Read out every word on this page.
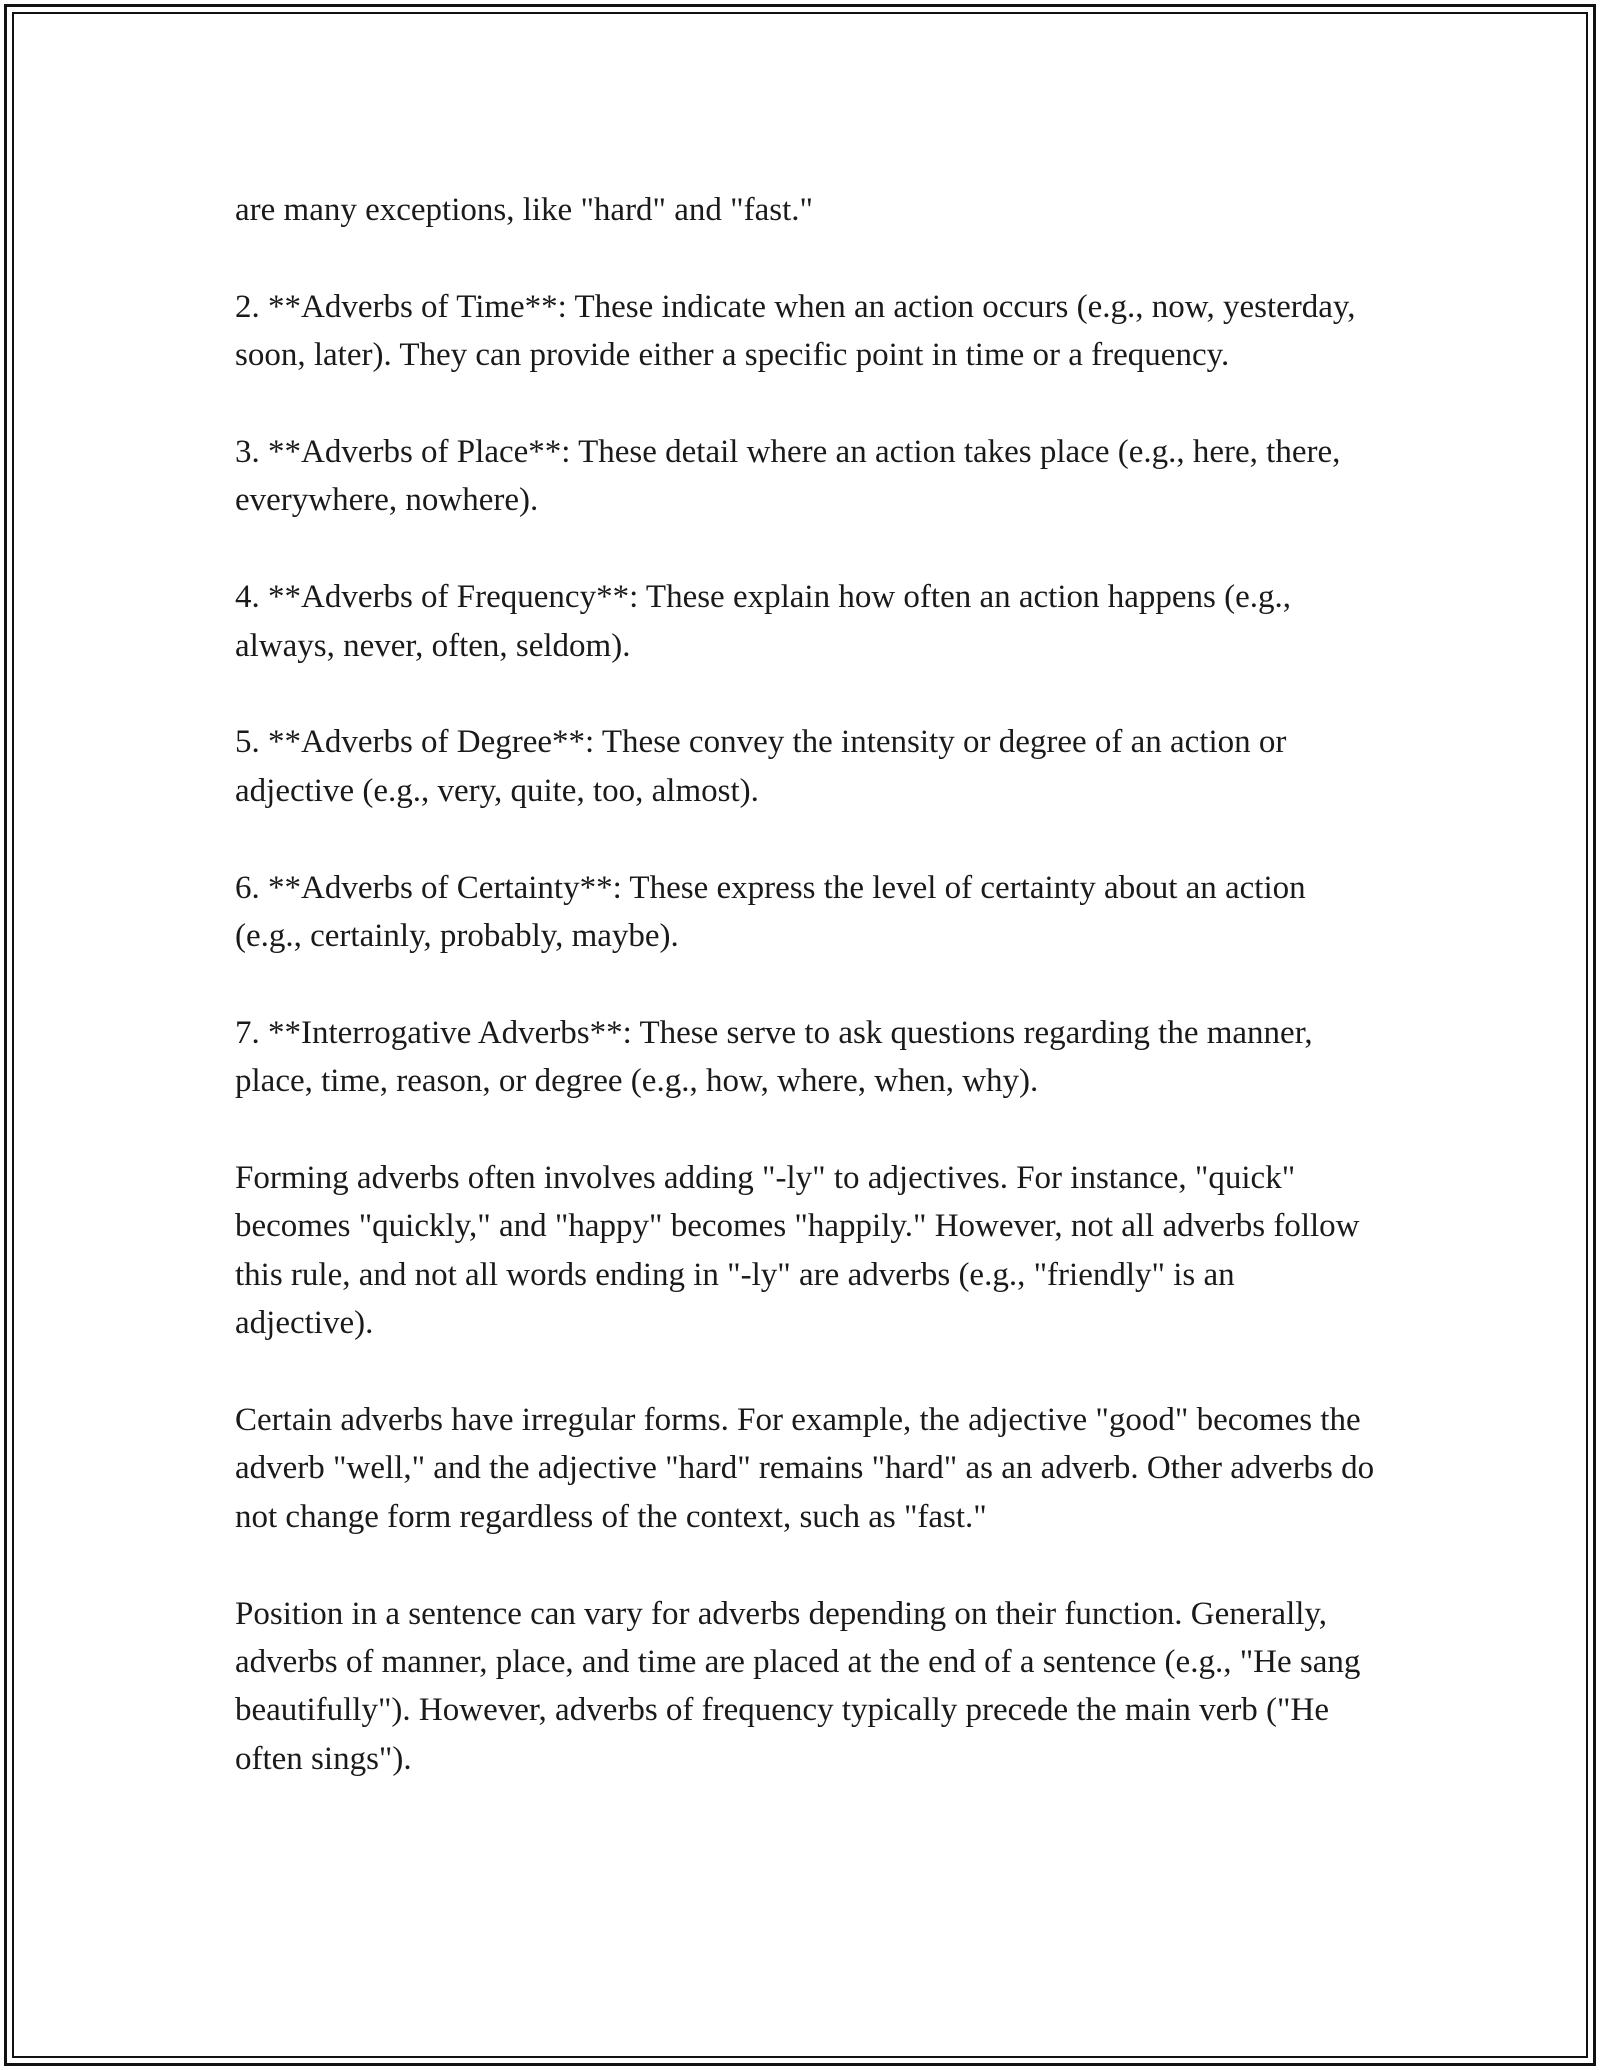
are many exceptions, like "hard" and "fast."

2. **Adverbs of Time**: These indicate when an action occurs (e.g., now, yesterday, soon, later). They can provide either a specific point in time or a frequency.

3. **Adverbs of Place**: These detail where an action takes place (e.g., here, there, everywhere, nowhere).

4. **Adverbs of Frequency**: These explain how often an action happens (e.g., always, never, often, seldom).

5. **Adverbs of Degree**: These convey the intensity or degree of an action or adjective (e.g., very, quite, too, almost).

6. **Adverbs of Certainty**: These express the level of certainty about an action (e.g., certainly, probably, maybe).

7. **Interrogative Adverbs**: These serve to ask questions regarding the manner, place, time, reason, or degree (e.g., how, where, when, why).

Forming adverbs often involves adding "-ly" to adjectives. For instance, "quick" becomes "quickly," and "happy" becomes "happily." However, not all adverbs follow this rule, and not all words ending in "-ly" are adverbs (e.g., "friendly" is an adjective).

Certain adverbs have irregular forms. For example, the adjective "good" becomes the adverb "well," and the adjective "hard" remains "hard" as an adverb. Other adverbs do not change form regardless of the context, such as "fast."

Position in a sentence can vary for adverbs depending on their function. Generally, adverbs of manner, place, and time are placed at the end of a sentence (e.g., "He sang beautifully"). However, adverbs of frequency typically precede the main verb ("He often sings").
